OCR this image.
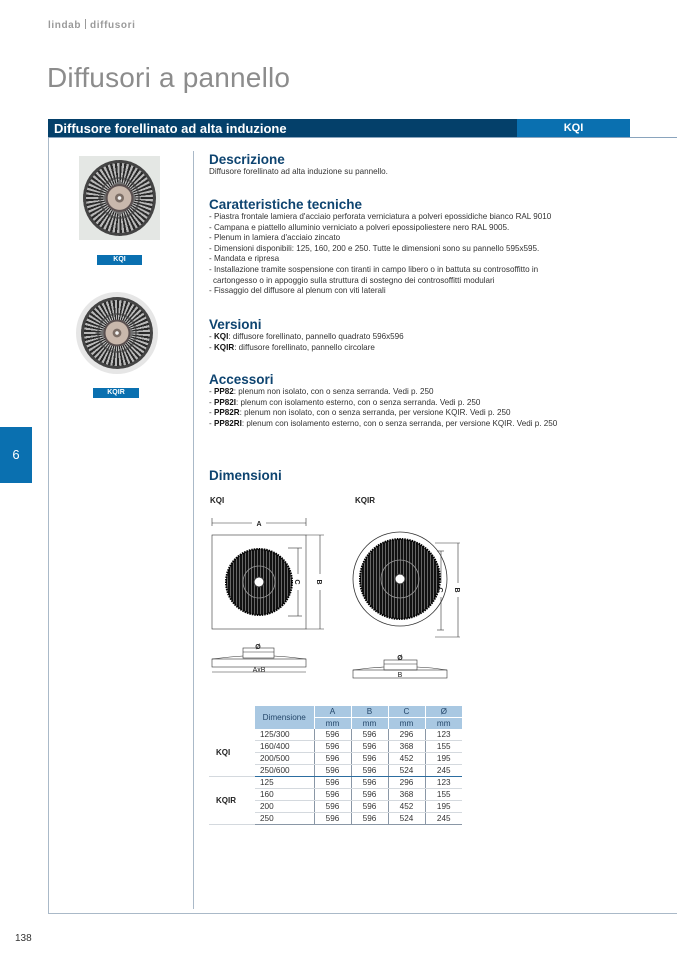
lindab diffusori
Diffusori a pannello
Diffusore forellinato ad alta induzione	KQI
KQI
KQIR
6
Descrizione
Diffusore forellinato ad alta induzione su pannello.
Caratteristiche tecniche
- Piastra frontale lamiera d'acciaio perforata verniciatura a polveri epossidiche bianco RAL 9010
- Campana e piattello alluminio verniciato a polveri epossipoliestere nero RAL 9005.
- Plenum in lamiera d'acciaio zincato
- Dimensioni disponibili: 125, 160, 200 e 250. Tutte le dimensioni sono su pannello 595x595.
- Mandata e ripresa
- Installazione tramite sospensione con tiranti in campo libero o in battuta su controsoffitto in
cartongesso o in appoggio sulla struttura di sostegno dei controsoffitti modulari
- Fissaggio del diffusore al plenum con viti laterali
Versioni
- KQI: diffusore forellinato, pannello quadrato 596x596
- KQIR: diffusore forellinato, pannello circolare
Accessori
- PP82: plenum non isolato, con o senza serranda. Vedi p. 250
- PP82I: plenum con isolamento esterno, con o senza serranda. Vedi p. 250
- PP82R: plenum non isolato, con o senza serranda, per versione KQIR. Vedi p. 250
- PP82RI: plenum con isolamento esterno, con o senza serranda, per versione KQIR. Vedi p. 250
Dimensioni
KQI	KQIR
A
B
C
Ø
AxB
B
C
Ø
B
	Dimensione	A	B	C	Ø
		mm	mm	mm	mm
KQI	125/300	596	596	296	123
	160/400	596	596	368	155
	200/500	596	596	452	195
	250/600	596	596	524	245
KQIR	125	596	596	296	123
	160	596	596	368	155
	200	596	596	452	195
	250	596	596	524	245
138
